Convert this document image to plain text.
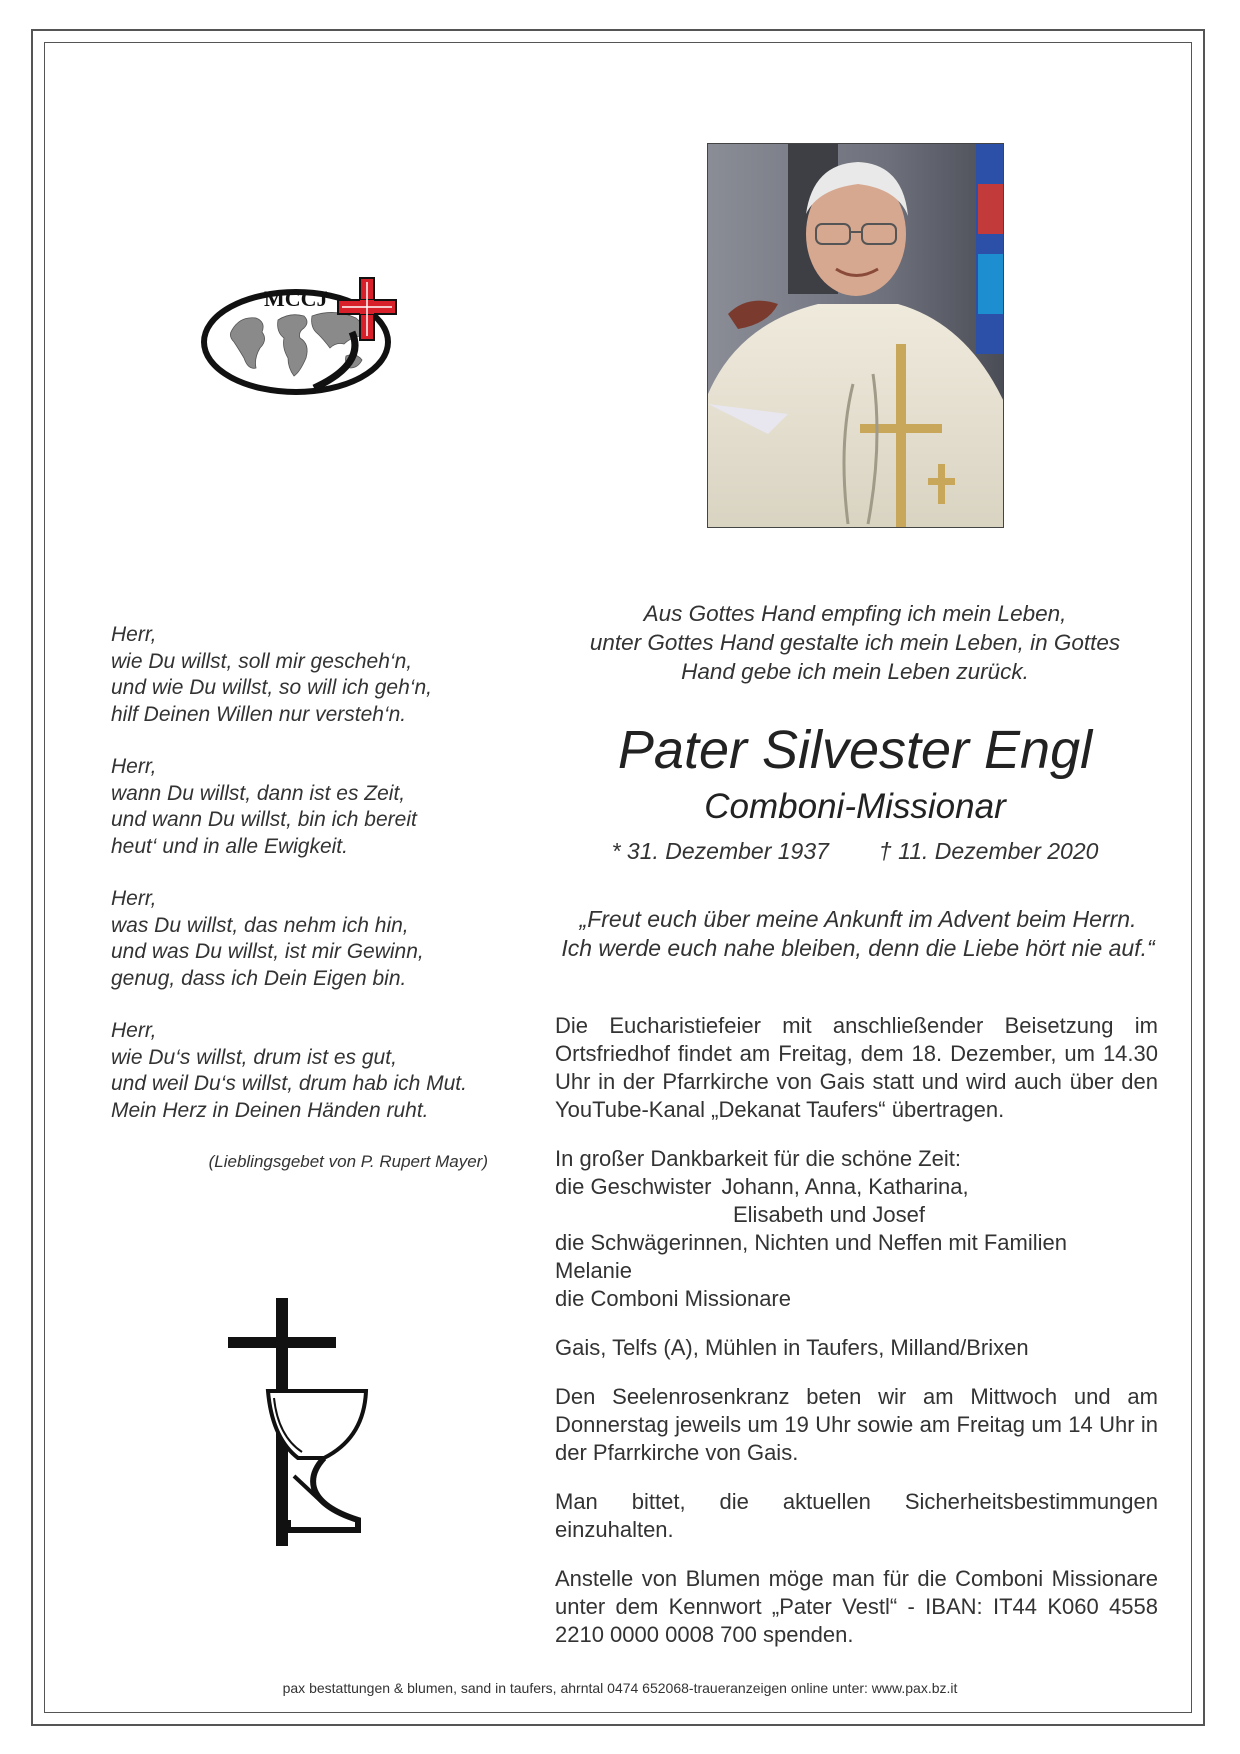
MCCJ
Herr,
wie Du willst, soll mir gescheh‘n,
und wie Du willst, so will ich geh‘n,
hilf Deinen Willen nur versteh‘n.
Herr,
wann Du willst, dann ist es Zeit,
und wann Du willst, bin ich bereit
heut‘ und in alle Ewigkeit.
Herr,
was Du willst, das nehm ich hin,
und was Du willst, ist mir Gewinn,
genug, dass ich Dein Eigen bin.
Herr,
wie Du‘s willst, drum ist es gut,
und weil Du‘s willst, drum hab ich Mut.
Mein Herz in Deinen Händen ruht.
(Lieblingsgebet von P. Rupert Mayer)
Aus Gottes Hand empfing ich mein Leben,
unter Gottes Hand gestalte ich mein Leben, in Gottes
Hand gebe ich mein Leben zurück.
Pater Silvester Engl
Comboni-Missionar
* 31. Dezember 1937 † 11. Dezember 2020
„Freut euch über meine Ankunft im Advent beim Herrn.
Ich werde euch nahe bleiben, denn die Liebe hört nie auf.“

Die Eucharistiefeier mit anschließender Beisetzung im Ortsfriedhof findet am Freitag, dem 18. Dezember, um 14.30 Uhr in der Pfarrkirche von Gais statt und wird auch über den YouTube-Kanal „Dekanat Taufers“ übertragen.

In großer Dankbarkeit für die schöne Zeit:
die Geschwister Johann, Anna, Katharina,
Elisabeth und Josef
die Schwägerinnen, Nichten und Neffen mit Familien
Melanie
die Comboni Missionare

Gais, Telfs (A), Mühlen in Taufers, Milland/Brixen

Den Seelenrosenkranz beten wir am Mittwoch und am Donnerstag jeweils um 19 Uhr sowie am Freitag um 14 Uhr in der Pfarrkirche von Gais.

Man bittet, die aktuellen Sicherheitsbestimmungen einzuhalten.

Anstelle von Blumen möge man für die Comboni Missionare unter dem Kennwort „Pater Vestl“ - IBAN: IT44 K060 4558 2210 0000 0008 700 spenden.

pax bestattungen & blumen, sand in taufers, ahrntal 0474 652068-traueranzeigen online unter: www.pax.bz.it
